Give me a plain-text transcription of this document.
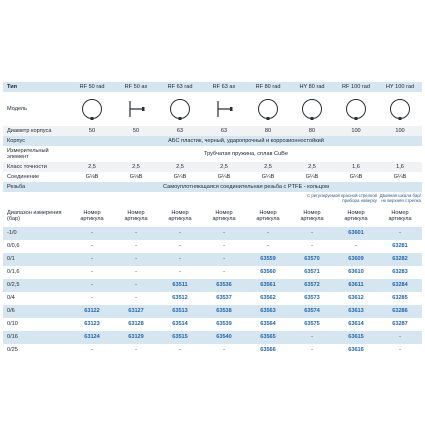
Тип	RF 50 rad	RF 50 ax	RF 63 rad	RF 63 ax	RF 80 rad	HY 80 rad	RF 100 rad	HY 100 rad
Модель	

Диаметр корпуса	50	50	63	63	80	80	100	100
Корпус	АБС пластик, черный, ударопрочный и коррозионностойкий							
Измерительный элемент	Трубчатая пружина, сплав CuBe							
Класс точности	2,5	2,5	2,5	2,5	2,5	2,5	1,6	1,6
Соединение	G⅛B	G⅛B	G¼B	G¼B	G¼B	G¼B	G¼B	G¼B
Резьба	Самоуплотняющаяся соединительная резьба с PTFE - кольцом							
						С регулируемой красной стрелкой прибора наверху		Двойная шкала бар/ не верхняя стрелка
Диапазон измерения (бар)	Номер артикула	Номер артикула	Номер артикула	Номер артикула	Номер артикула	Номер артикула	Номер артикула	Номер артикула
-1/0	-	-	-	-	-	-	63601	-
0/0,6	-	-	-	-	-	-	-	63281
0/1	-	-	-	-	63559	63570	63609	63282
0/1,6	-	-	-	-	63560	63571	63610	63283
0/2,5	-	-	63511	63536	63561	63572	63611	63284
0/4	-	-	63512	63537	63562	63573	63612	63285
0/6	63122	63127	63513	63538	63563	63574	63613	63286
0/10	63123	63128	63514	63539	63564	63575	63614	63287
0/16	63124	63129	63515	63540	63565	-	63615	-
0/25	-	-	-	-	63566	-	63616	-
